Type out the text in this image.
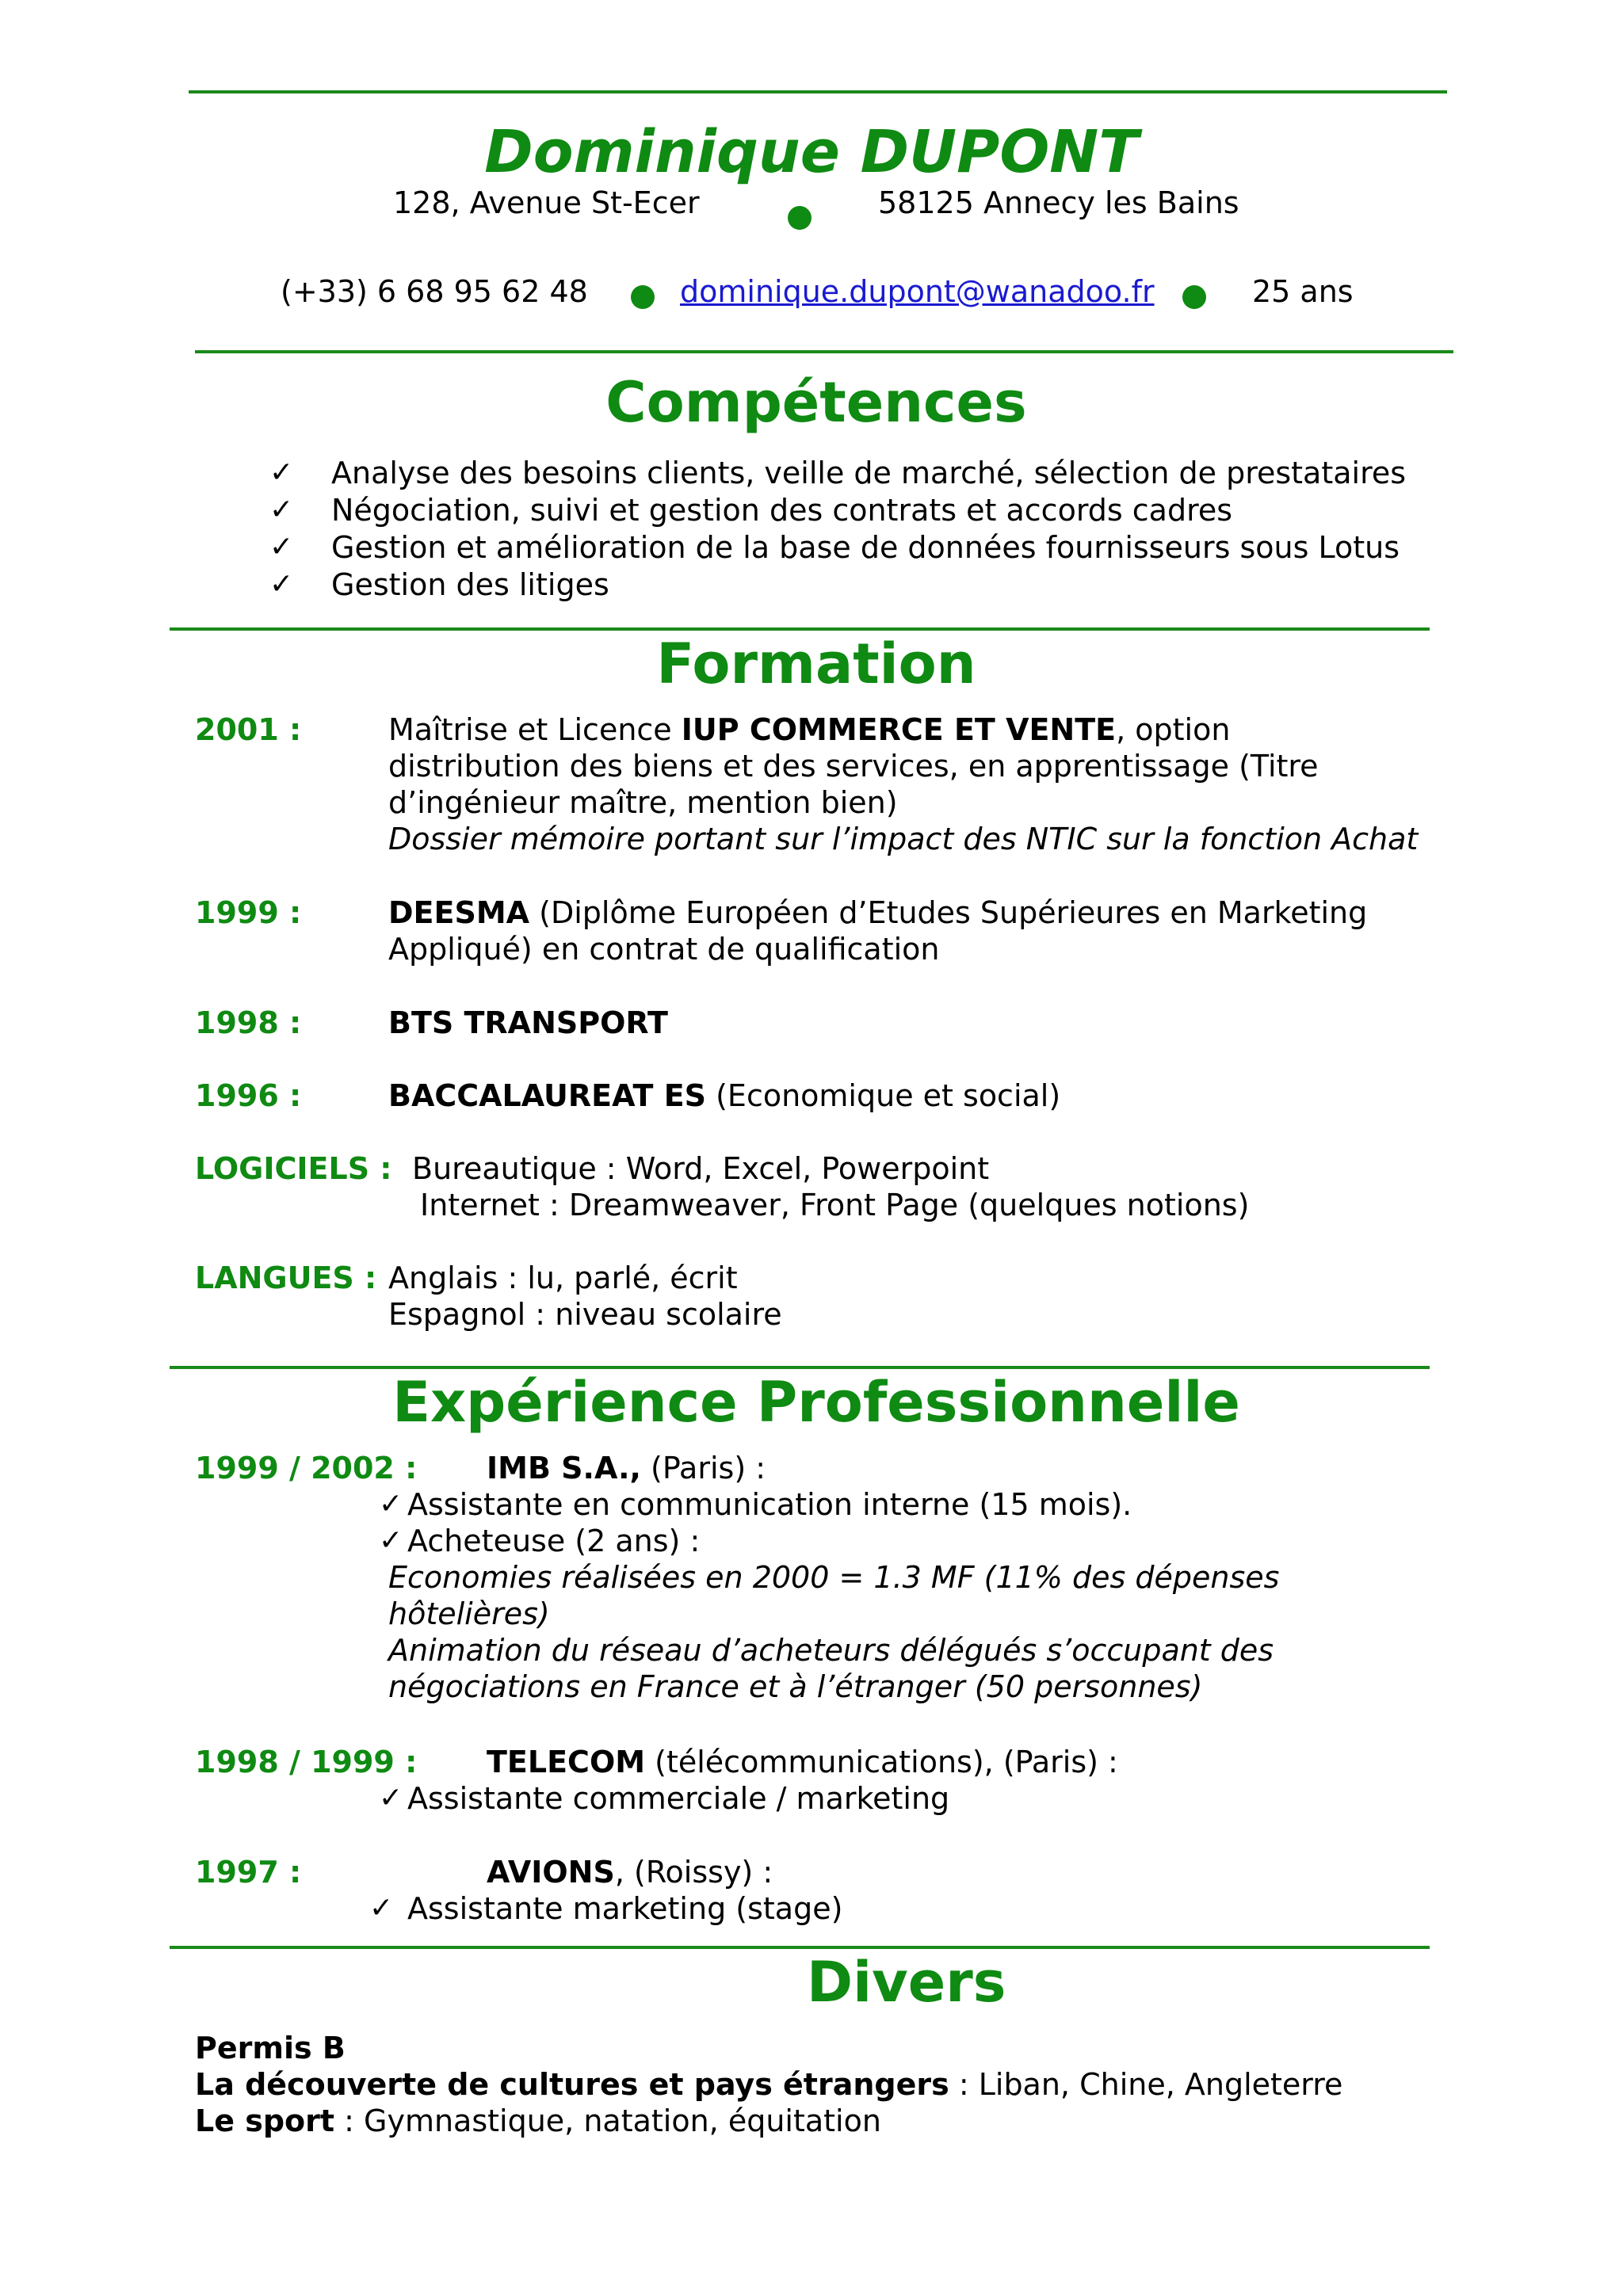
Dominique DUPONT
128, Avenue St-Ecer	58125 Annecy les Bains
(+33) 6 68 95 62 48	dominique.dupont@wanadoo.fr	25 ans
Compétences
✓ Analyse des besoins clients, veille de marché, sélection de prestataires
✓ Négociation, suivi et gestion des contrats et accords cadres
✓ Gestion et amélioration de la base de données fournisseurs sous Lotus
✓ Gestion des litiges
Formation
2001 :	Maîtrise et Licence IUP COMMERCE ET VENTE, option
distribution des biens et des services, en apprentissage (Titre
d’ingénieur maître, mention bien)
Dossier mémoire portant sur l’impact des NTIC sur la fonction Achat
1999 :	DEESMA (Diplôme Européen d’Etudes Supérieures en Marketing
Appliqué) en contrat de qualification
1998 :	BTS TRANSPORT
1996 :	BACCALAUREAT ES (Economique et social)
LOGICIELS : Bureautique : Word, Excel, Powerpoint
Internet : Dreamweaver, Front Page (quelques notions)
LANGUES : Anglais : lu, parlé, écrit
Espagnol : niveau scolaire
Expérience Professionnelle
1999 / 2002 : IMB S.A., (Paris) :
✓ Assistante en communication interne (15 mois).
✓ Acheteuse (2 ans) :
Economies réalisées en 2000 = 1.3 MF (11% des dépenses
hôtelières)
Animation du réseau d’acheteurs délégués s’occupant des
négociations en France et à l’étranger (50 personnes)
1998 / 1999 : TELECOM (télécommunications), (Paris) :
✓ Assistante commerciale / marketing
1997 :	AVIONS, (Roissy) :
✓ Assistante marketing (stage)
Divers
Permis B
La découverte de cultures et pays étrangers : Liban, Chine, Angleterre
Le sport : Gymnastique, natation, équitation
